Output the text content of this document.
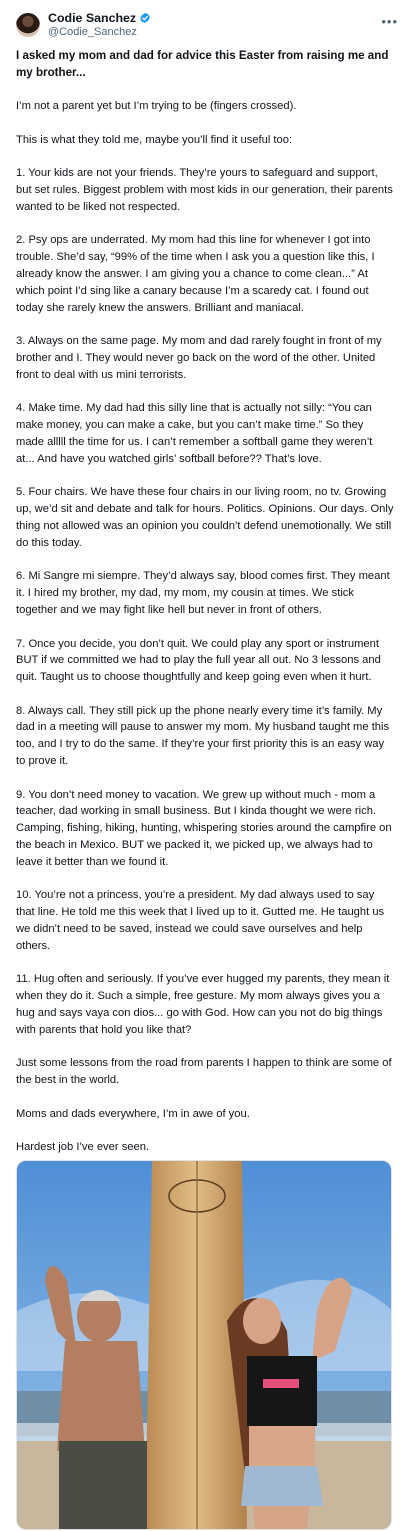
Codie Sanchez
@Codie_Sanchez
•••
I asked my mom and dad for advice this Easter from raising me and my brother...
I’m not a parent yet but I’m trying to be (fingers crossed).
This is what they told me, maybe you’ll find it useful too:
1. Your kids are not your friends. They’re yours to safeguard and support, but set rules. Biggest problem with most kids in our generation, their parents wanted to be liked not respected.
2. Psy ops are underrated. My mom had this line for whenever I got into trouble. She’d say, “99% of the time when I ask you a question like this, I already know the answer. I am giving you a chance to come clean...” At which point I’d sing like a canary because I’m a scaredy cat. I found out today she rarely knew the answers. Brilliant and maniacal.
3. Always on the same page. My mom and dad rarely fought in front of my brother and I. They would never go back on the word of the other. United front to deal with us mini terrorists.
4. Make time. My dad had this silly line that is actually not silly: “You can make money, you can make a cake, but you can’t make time.” So they made alllll the time for us. I can’t remember a softball game they weren’t at... And have you watched girls’ softball before?? That’s love.
5. Four chairs. We have these four chairs in our living room, no tv. Growing up, we’d sit and debate and talk for hours. Politics. Opinions. Our days. Only thing not allowed was an opinion you couldn’t defend unemotionally. We still do this today.
6. Mi Sangre mi siempre. They’d always say, blood comes first. They meant it. I hired my brother, my dad, my mom, my cousin at times. We stick together and we may fight like hell but never in front of others.
7. Once you decide, you don’t quit. We could play any sport or instrument BUT if we committed we had to play the full year all out. No 3 lessons and quit. Taught us to choose thoughtfully and keep going even when it hurt.
8. Always call. They still pick up the phone nearly every time it’s family. My dad in a meeting will pause to answer my mom. My husband taught me this too, and I try to do the same. If they’re your first priority this is an easy way to prove it.
9. You don’t need money to vacation. We grew up without much - mom a teacher, dad working in small business. But I kinda thought we were rich. Camping, fishing, hiking, hunting, whispering stories around the campfire on the beach in Mexico. BUT we packed it, we picked up, we always had to leave it better than we found it.
10. You’re not a princess, you’re a president. My dad always used to say that line. He told me this week that I lived up to it. Gutted me. He taught us we didn’t need to be saved, instead we could save ourselves and help others.
11. Hug often and seriously. If you’ve ever hugged my parents, they mean it when they do it. Such a simple, free gesture. My mom always gives you a hug and says vaya con dios... go with God. How can you not do big things with parents that hold you like that?
Just some lessons from the road from parents I happen to think are some of the best in the world.
Moms and dads everywhere, I’m in awe of you.
Hardest job I’ve ever seen.
